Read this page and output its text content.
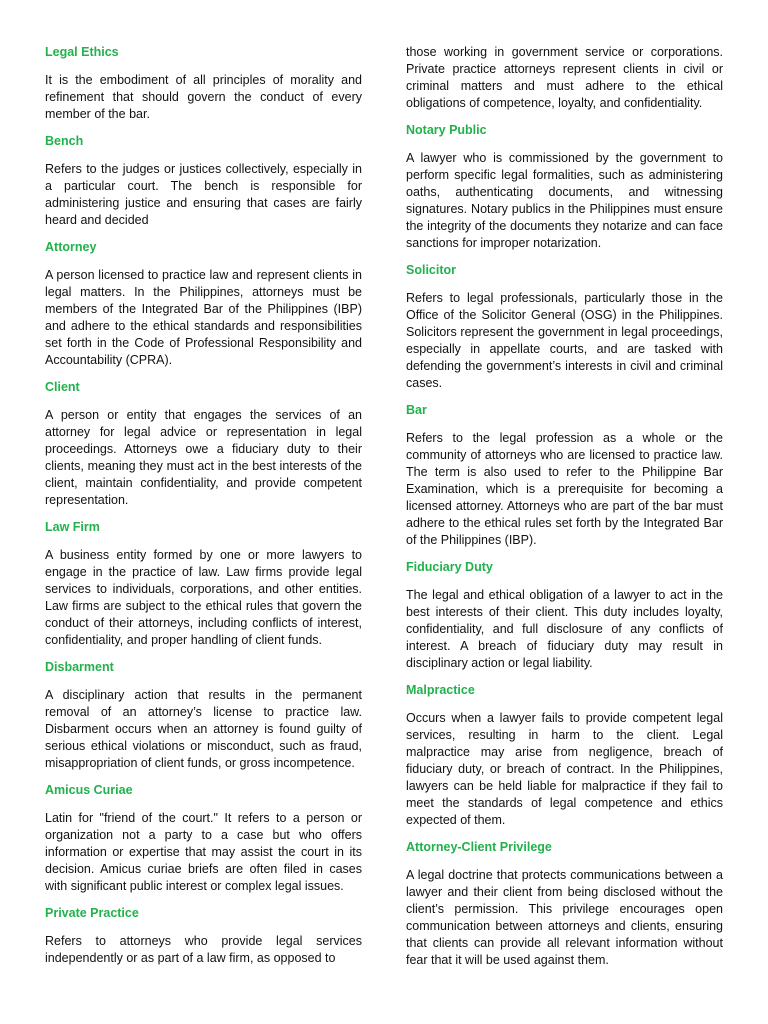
Legal Ethics
It is the embodiment of all principles of morality and refinement that should govern the conduct of every member of the bar.
Bench
Refers to the judges or justices collectively, especially in a particular court. The bench is responsible for administering justice and ensuring that cases are fairly heard and decided
Attorney
A person licensed to practice law and represent clients in legal matters. In the Philippines, attorneys must be members of the Integrated Bar of the Philippines (IBP) and adhere to the ethical standards and responsibilities set forth in the Code of Professional Responsibility and Accountability (CPRA).
Client
A person or entity that engages the services of an attorney for legal advice or representation in legal proceedings. Attorneys owe a fiduciary duty to their clients, meaning they must act in the best interests of the client, maintain confidentiality, and provide competent representation.
Law Firm
A business entity formed by one or more lawyers to engage in the practice of law. Law firms provide legal services to individuals, corporations, and other entities. Law firms are subject to the ethical rules that govern the conduct of their attorneys, including conflicts of interest, confidentiality, and proper handling of client funds.
Disbarment
A disciplinary action that results in the permanent removal of an attorney’s license to practice law. Disbarment occurs when an attorney is found guilty of serious ethical violations or misconduct, such as fraud, misappropriation of client funds, or gross incompetence.
Amicus Curiae
Latin for "friend of the court." It refers to a person or organization not a party to a case but who offers information or expertise that may assist the court in its decision. Amicus curiae briefs are often filed in cases with significant public interest or complex legal issues.
Private Practice
Refers to attorneys who provide legal services independently or as part of a law firm, as opposed to
those working in government service or corporations. Private practice attorneys represent clients in civil or criminal matters and must adhere to the ethical obligations of competence, loyalty, and confidentiality.
Notary Public
A lawyer who is commissioned by the government to perform specific legal formalities, such as administering oaths, authenticating documents, and witnessing signatures. Notary publics in the Philippines must ensure the integrity of the documents they notarize and can face sanctions for improper notarization.
Solicitor
Refers to legal professionals, particularly those in the Office of the Solicitor General (OSG) in the Philippines. Solicitors represent the government in legal proceedings, especially in appellate courts, and are tasked with defending the government’s interests in civil and criminal cases.
Bar
Refers to the legal profession as a whole or the community of attorneys who are licensed to practice law. The term is also used to refer to the Philippine Bar Examination, which is a prerequisite for becoming a licensed attorney. Attorneys who are part of the bar must adhere to the ethical rules set forth by the Integrated Bar of the Philippines (IBP).
Fiduciary Duty
The legal and ethical obligation of a lawyer to act in the best interests of their client. This duty includes loyalty, confidentiality, and full disclosure of any conflicts of interest. A breach of fiduciary duty may result in disciplinary action or legal liability.
Malpractice
Occurs when a lawyer fails to provide competent legal services, resulting in harm to the client. Legal malpractice may arise from negligence, breach of fiduciary duty, or breach of contract. In the Philippines, lawyers can be held liable for malpractice if they fail to meet the standards of legal competence and ethics expected of them.
Attorney-Client Privilege
A legal doctrine that protects communications between a lawyer and their client from being disclosed without the client’s permission. This privilege encourages open communication between attorneys and clients, ensuring that clients can provide all relevant information without fear that it will be used against them.
